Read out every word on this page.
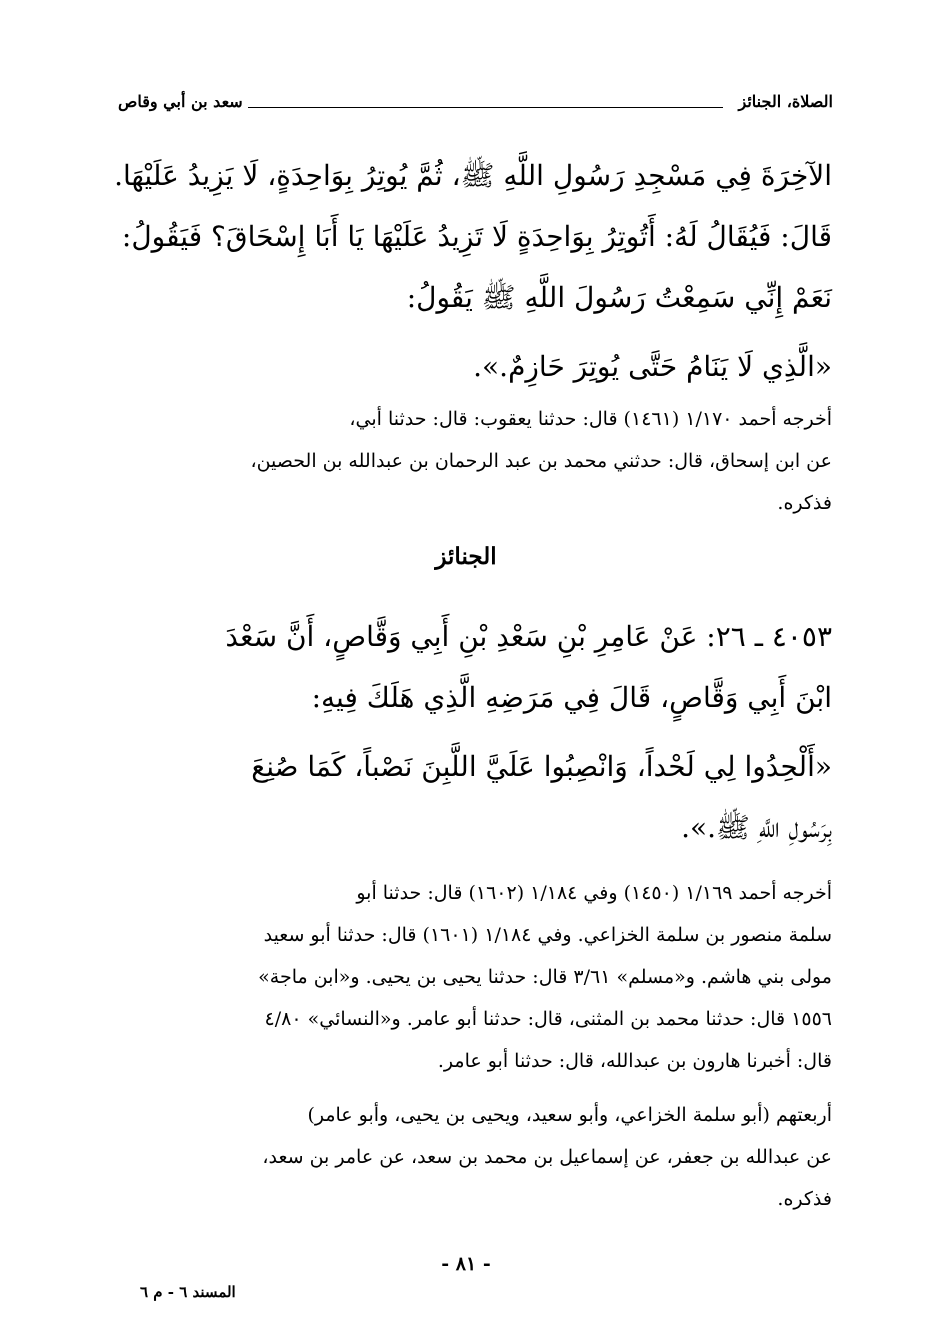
الصلاة، الجنائز
سعد بن أبي وقاص
الآخِرَةَ فِي مَسْجِدِ رَسُولِ اللَّهِ ﷺ، ثُمَّ يُوتِرُ بِوَاحِدَةٍ، لَا يَزِيدُ عَلَيْهَا.
قَالَ: فَيُقَالُ لَهُ: أَتُوتِرُ بِوَاحِدَةٍ لَا تَزِيدُ عَلَيْهَا يَا أَبَا إِسْحَاقَ؟ فَيَقُولُ:
نَعَمْ إِنِّي سَمِعْتُ رَسُولَ اللَّهِ ﷺ يَقُولُ:
«الَّذِي لَا يَنَامُ حَتَّى يُوتِرَ حَازِمٌ.».
أخرجه أحمد ١/١٧٠ (١٤٦١) قال: حدثنا يعقوب: قال: حدثنا أبي،
عن ابن إسحاق، قال: حدثني محمد بن عبد الرحمان بن عبدالله بن الحصين،
فذكره.
الجنائز
٤٠٥٣ ـ ٢٦: عَنْ عَامِرِ بْنِ سَعْدِ بْنِ أَبِي وَقَّاصٍ، أَنَّ سَعْدَ
ابْنَ أَبِي وَقَّاصٍ، قَالَ فِي مَرَضِهِ الَّذِي هَلَكَ فِيهِ:
«أَلْحِدُوا لِي لَحْداً، وَانْصِبُوا عَلَيَّ اللَّبِنَ نَصْباً، كَمَا صُنِعَ
بِرَسُولِ اللَّهِ ﷺ.».
أخرجه أحمد ١/١٦٩ (١٤٥٠) وفي ١/١٨٤ (١٦٠٢) قال: حدثنا أبو
سلمة منصور بن سلمة الخزاعي. وفي ١/١٨٤ (١٦٠١) قال: حدثنا أبو سعيد
مولى بني هاشم. و«مسلم» ٣/٦١ قال: حدثنا يحيى بن يحيى. و«ابن ماجة»
١٥٥٦ قال: حدثنا محمد بن المثنى، قال: حدثنا أبو عامر. و«النسائي» ٤/٨٠
قال: أخبرنا هارون بن عبدالله، قال: حدثنا أبو عامر.
أربعتهم (أبو سلمة الخزاعي، وأبو سعيد، ويحيى بن يحيى، وأبو عامر)
عن عبدالله بن جعفر، عن إسماعيل بن محمد بن سعد، عن عامر بن سعد،
فذكره.
- ٨١ -
المسند ٦ - م ٦
